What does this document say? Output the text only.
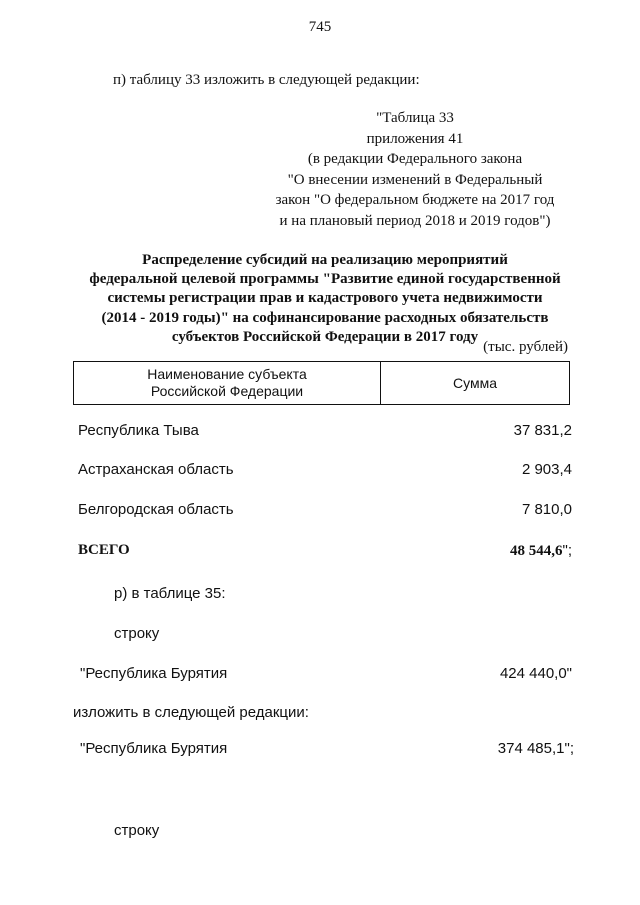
745
п) таблицу 33 изложить в следующей редакции:
"Таблица 33
приложения 41
(в редакции Федерального закона
"О внесении изменений в Федеральный
закон "О федеральном бюджете на 2017 год
и на плановый период 2018 и 2019 годов")
Распределение субсидий на реализацию мероприятий
федеральной целевой программы "Развитие единой государственной
системы регистрации прав и кадастрового учета недвижимости
(2014 - 2019 годы)" на софинансирование расходных обязательств
субъектов Российской Федерации в 2017 году
(тыс. рублей)
Наименование субъекта
Российской Федерации	Сумма
Республика Тыва	37 831,2
Астраханская область	2 903,4
Белгородская область	7 810,0
ВСЕГО	48 544,6";
р) в таблице 35:
строку
"Республика Бурятия	424 440,0"
изложить в следующей редакции:
"Республика Бурятия	374 485,1";
строку
